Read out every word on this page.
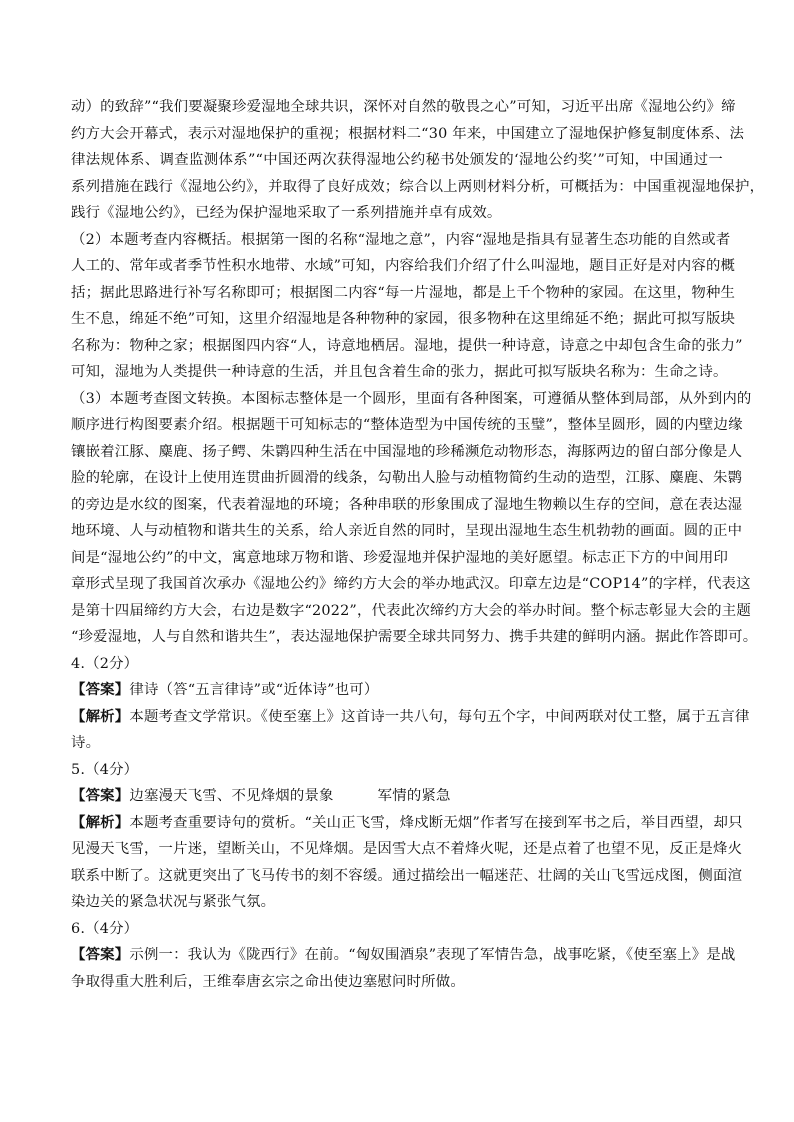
动）的致辞”“我们要凝聚珍爱湿地全球共识，深怀对自然的敬畏之心”可知，习近平出席《湿地公约》缔
约方大会开幕式，表示对湿地保护的重视；根据材料二“30 年来，中国建立了湿地保护修复制度体系、法
律法规体系、调查监测体系”“中国还两次获得湿地公约秘书处颁发的‘湿地公约奖’”可知，中国通过一
系列措施在践行《湿地公约》，并取得了良好成效；综合以上两则材料分析，可概括为：中国重视湿地保护，
践行《湿地公约》，已经为保护湿地采取了一系列措施并卓有成效。
（2）本题考查内容概括。根据第一图的名称“湿地之意”，内容“湿地是指具有显著生态功能的自然或者
人工的、常年或者季节性积水地带、水域”可知，内容给我们介绍了什么叫湿地，题目正好是对内容的概
括；据此思路进行补写名称即可；根据图二内容“每一片湿地，都是上千个物种的家园。在这里，物种生
生不息，绵延不绝”可知，这里介绍湿地是各种物种的家园，很多物种在这里绵延不绝；据此可拟写版块
名称为：物种之家；根据图四内容“人，诗意地栖居。湿地，提供一种诗意，诗意之中却包含生命的张力”
可知，湿地为人类提供一种诗意的生活，并且包含着生命的张力，据此可拟写版块名称为：生命之诗。
（3）本题考查图文转换。本图标志整体是一个圆形，里面有各种图案，可遵循从整体到局部，从外到内的
顺序进行构图要素介绍。根据题干可知标志的“整体造型为中国传统的玉璧”，整体呈圆形，圆的内壁边缘
镶嵌着江豚、麋鹿、扬子鳄、朱鹮四种生活在中国湿地的珍稀濒危动物形态，海豚两边的留白部分像是人
脸的轮廓，在设计上使用连贯曲折圆滑的线条，勾勒出人脸与动植物简约生动的造型，江豚、麋鹿、朱鹮
的旁边是水纹的图案，代表着湿地的环境；各种串联的形象围成了湿地生物赖以生存的空间，意在表达湿
地环境、人与动植物和谐共生的关系，给人亲近自然的同时，呈现出湿地生态生机勃勃的画面。圆的正中
间是“湿地公约”的中文，寓意地球万物和谐、珍爱湿地并保护湿地的美好愿望。标志正下方的中间用印
章形式呈现了我国首次承办《湿地公约》缔约方大会的举办地武汉。印章左边是“COP14”的字样，代表这
是第十四届缔约方大会，右边是数字“2022”，代表此次缔约方大会的举办时间。整个标志彰显大会的主题
“珍爱湿地，人与自然和谐共生”，表达湿地保护需要全球共同努力、携手共建的鲜明内涵。据此作答即可。
4.（2分）
【答案】律诗（答“五言律诗”或“近体诗”也可）
【解析】本题考查文学常识。《使至塞上》这首诗一共八句，每句五个字，中间两联对仗工整，属于五言律
诗。
5.（4分）
【答案】边塞漫天飞雪、不见烽烟的景象	军情的紧急
【解析】本题考查重要诗句的赏析。“关山正飞雪，烽戍断无烟”作者写在接到军书之后，举目西望，却只
见漫天飞雪，一片迷，望断关山，不见烽烟。是因雪大点不着烽火呢，还是点着了也望不见，反正是烽火
联系中断了。这就更突出了飞马传书的刻不容缓。通过描绘出一幅迷茫、壮阔的关山飞雪远戍图，侧面渲
染边关的紧急状况与紧张气氛。
6.（4分）
【答案】示例一：我认为《陇西行》在前。“匈奴围酒泉”表现了军情告急，战事吃紧，《使至塞上》是战
争取得重大胜利后，王维奉唐玄宗之命出使边塞慰问时所做。
